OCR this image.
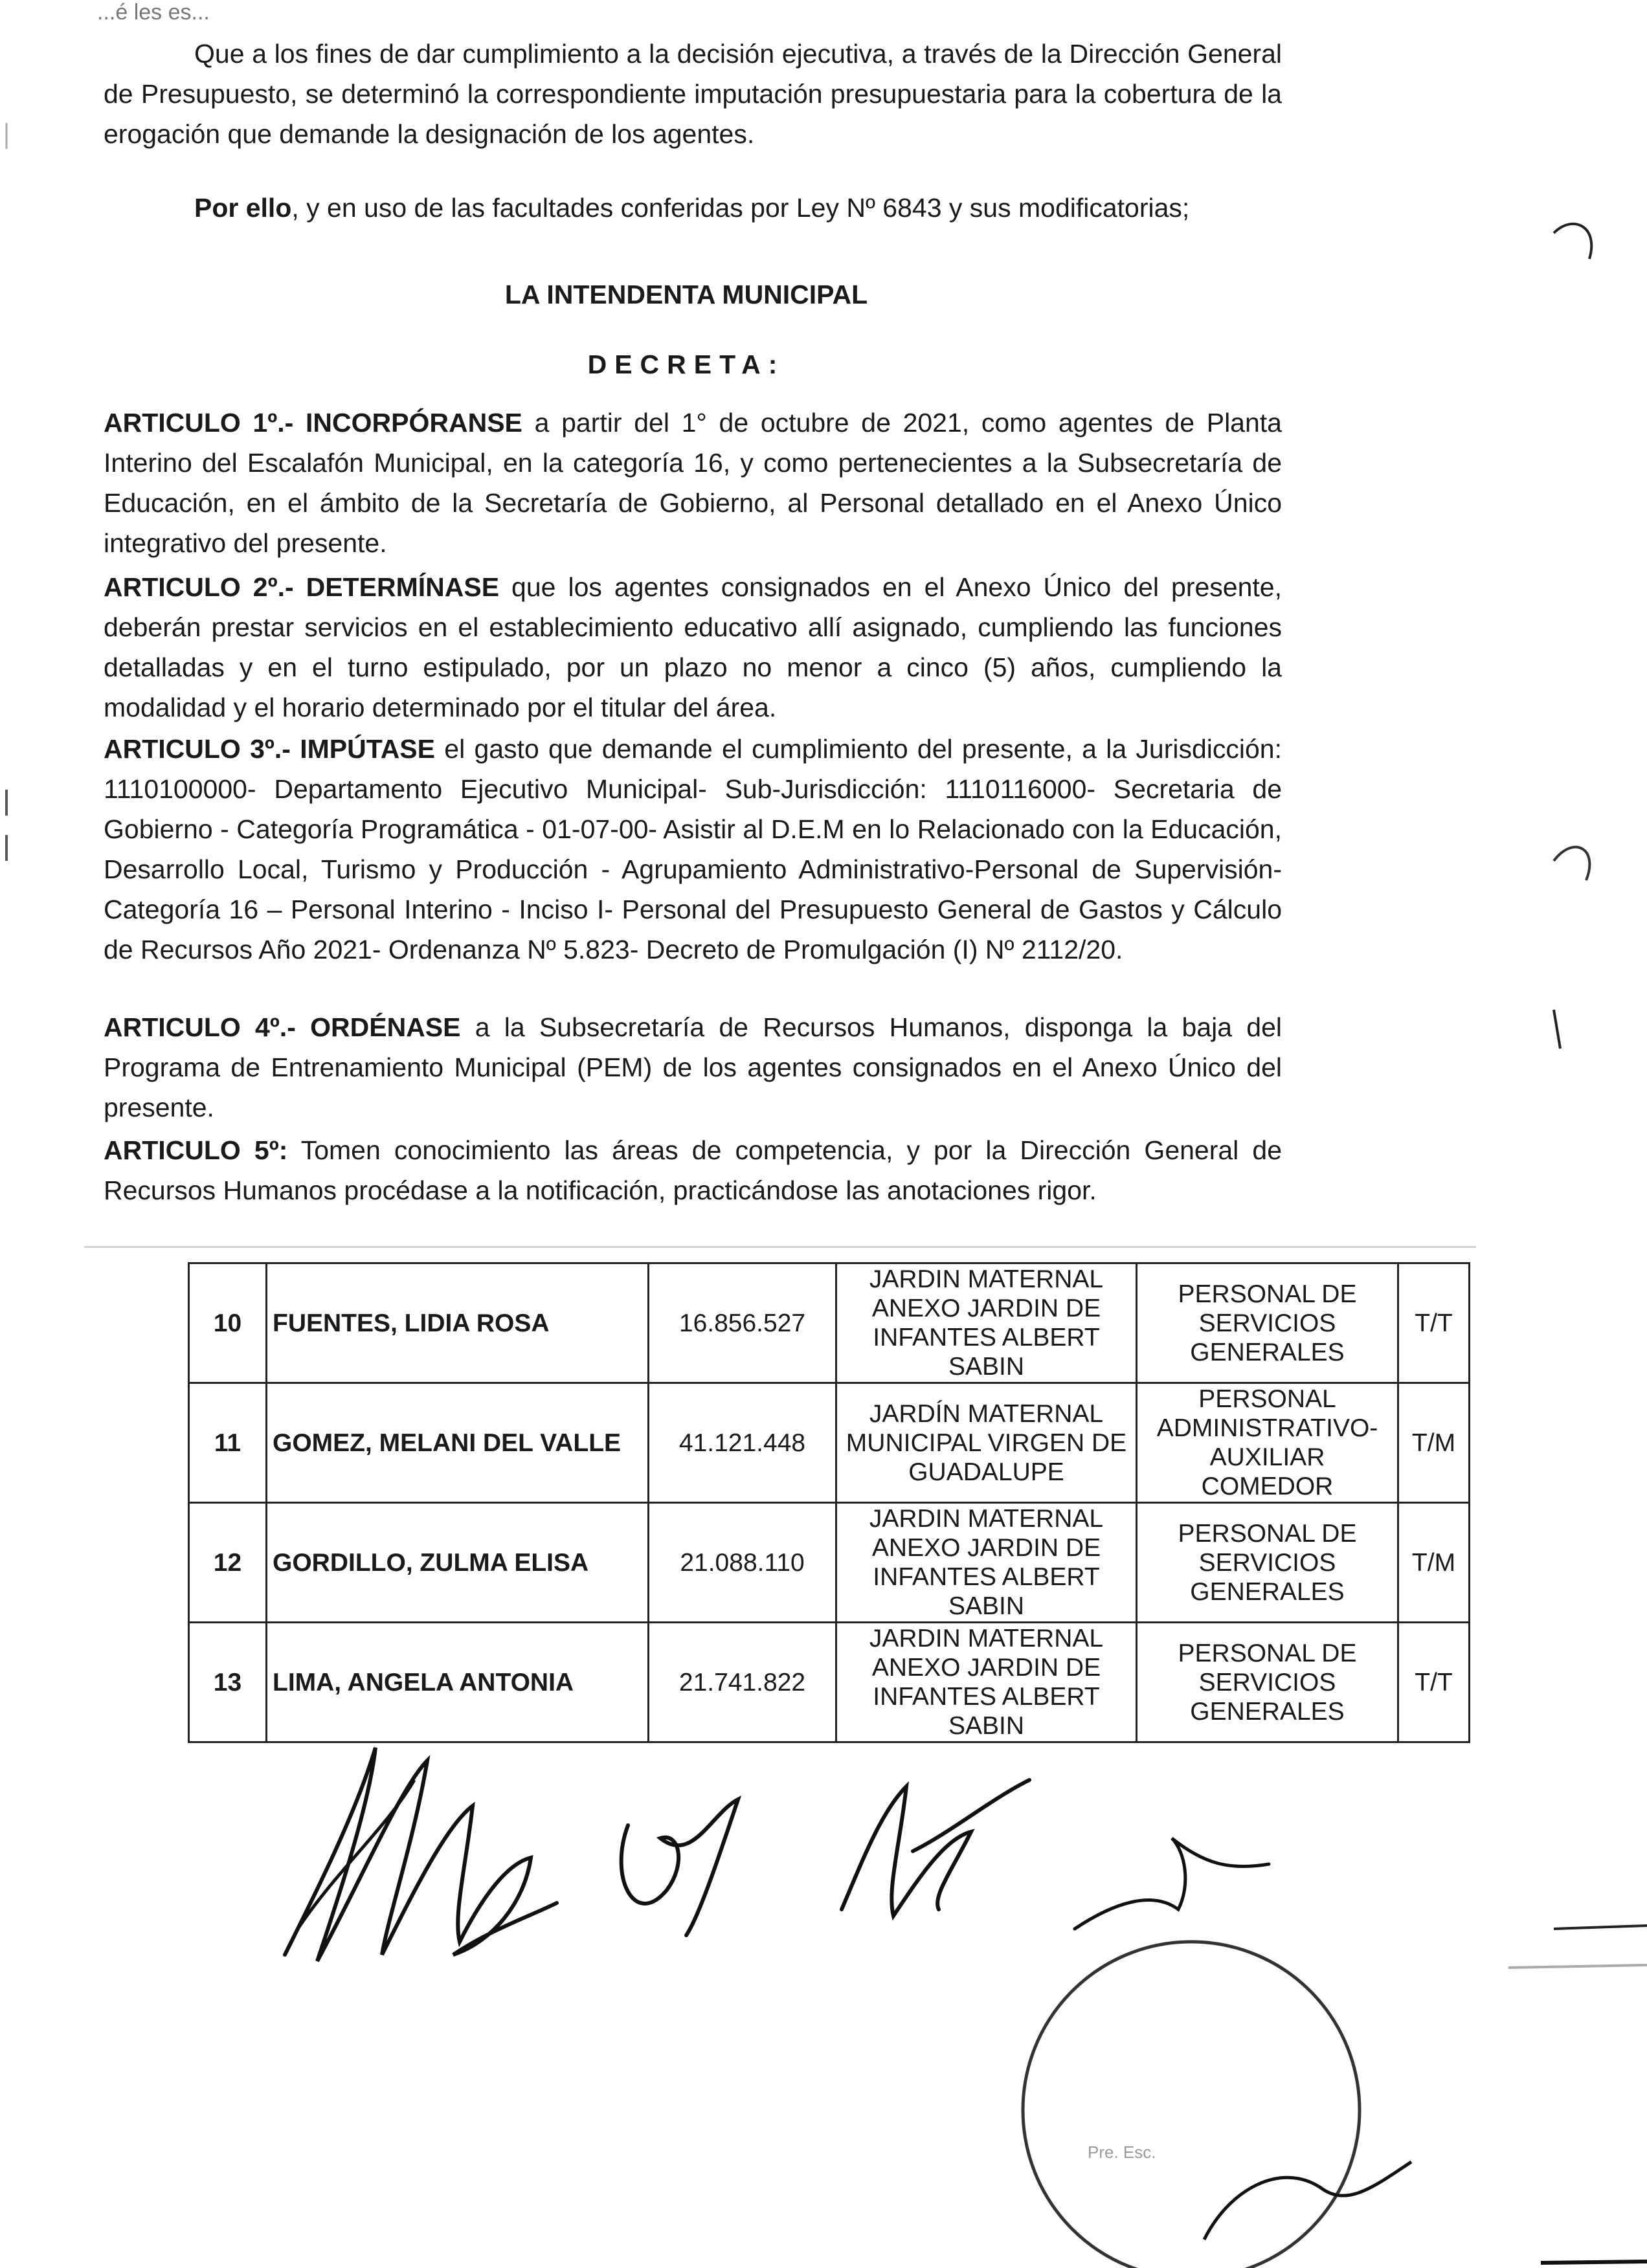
...é les es...

Que a los fines de dar cumplimiento a la decisión ejecutiva, a través de la Dirección General de Presupuesto, se determinó la correspondiente imputación presupuestaria para la cobertura de la erogación que demande la designación de los agentes.

Por ello, y en uso de las facultades conferidas por Ley Nº 6843 y sus modificatorias;

LA INTENDENTA MUNICIPAL

DECRETA:

ARTICULO 1º.- INCORPÓRANSE a partir del 1° de octubre de 2021, como agentes de Planta Interino del Escalafón Municipal, en la categoría 16, y como pertenecientes a la Subsecretaría de Educación, en el ámbito de la Secretaría de Gobierno, al Personal detallado en el Anexo Único integrativo del presente.

ARTICULO 2º.- DETERMÍNASE que los agentes consignados en el Anexo Único del presente, deberán prestar servicios en el establecimiento educativo allí asignado, cumpliendo las funciones detalladas y en el turno estipulado, por un plazo no menor a cinco (5) años, cumpliendo la modalidad y el horario determinado por el titular del área.

ARTICULO 3º.- IMPÚTASE el gasto que demande el cumplimiento del presente, a la Jurisdicción: 1110100000- Departamento Ejecutivo Municipal- Sub-Jurisdicción: 1110116000- Secretaria de Gobierno - Categoría Programática - 01-07-00- Asistir al D.E.M en lo Relacionado con la Educación, Desarrollo Local, Turismo y Producción - Agrupamiento Administrativo-Personal de Supervisión- Categoría 16 – Personal Interino - Inciso I- Personal del Presupuesto General de Gastos y Cálculo de Recursos Año 2021- Ordenanza Nº 5.823- Decreto de Promulgación (I) Nº 2112/20.

ARTICULO 4º.- ORDÉNASE a la Subsecretaría de Recursos Humanos, disponga la baja del Programa de Entrenamiento Municipal (PEM) de los agentes consignados en el Anexo Único del presente.

ARTICULO 5º: Tomen conocimiento las áreas de competencia, y por la Dirección General de Recursos Humanos procédase a la notificación, practicándose las anotaciones rigor.

10	FUENTES, LIDIA ROSA	16.856.527	JARDIN MATERNAL ANEXO JARDIN DE INFANTES ALBERT SABIN	PERSONAL DE SERVICIOS GENERALES	T/T
11	GOMEZ, MELANI DEL VALLE	41.121.448	JARDÍN MATERNAL MUNICIPAL VIRGEN DE GUADALUPE	PERSONAL ADMINISTRATIVO-AUXILIAR COMEDOR	T/M
12	GORDILLO, ZULMA ELISA	21.088.110	JARDIN MATERNAL ANEXO JARDIN DE INFANTES ALBERT SABIN	PERSONAL DE SERVICIOS GENERALES	T/M
13	LIMA, ANGELA ANTONIA	21.741.822	JARDIN MATERNAL ANEXO JARDIN DE INFANTES ALBERT SABIN	PERSONAL DE SERVICIOS GENERALES	T/T
Pre. Esc.
